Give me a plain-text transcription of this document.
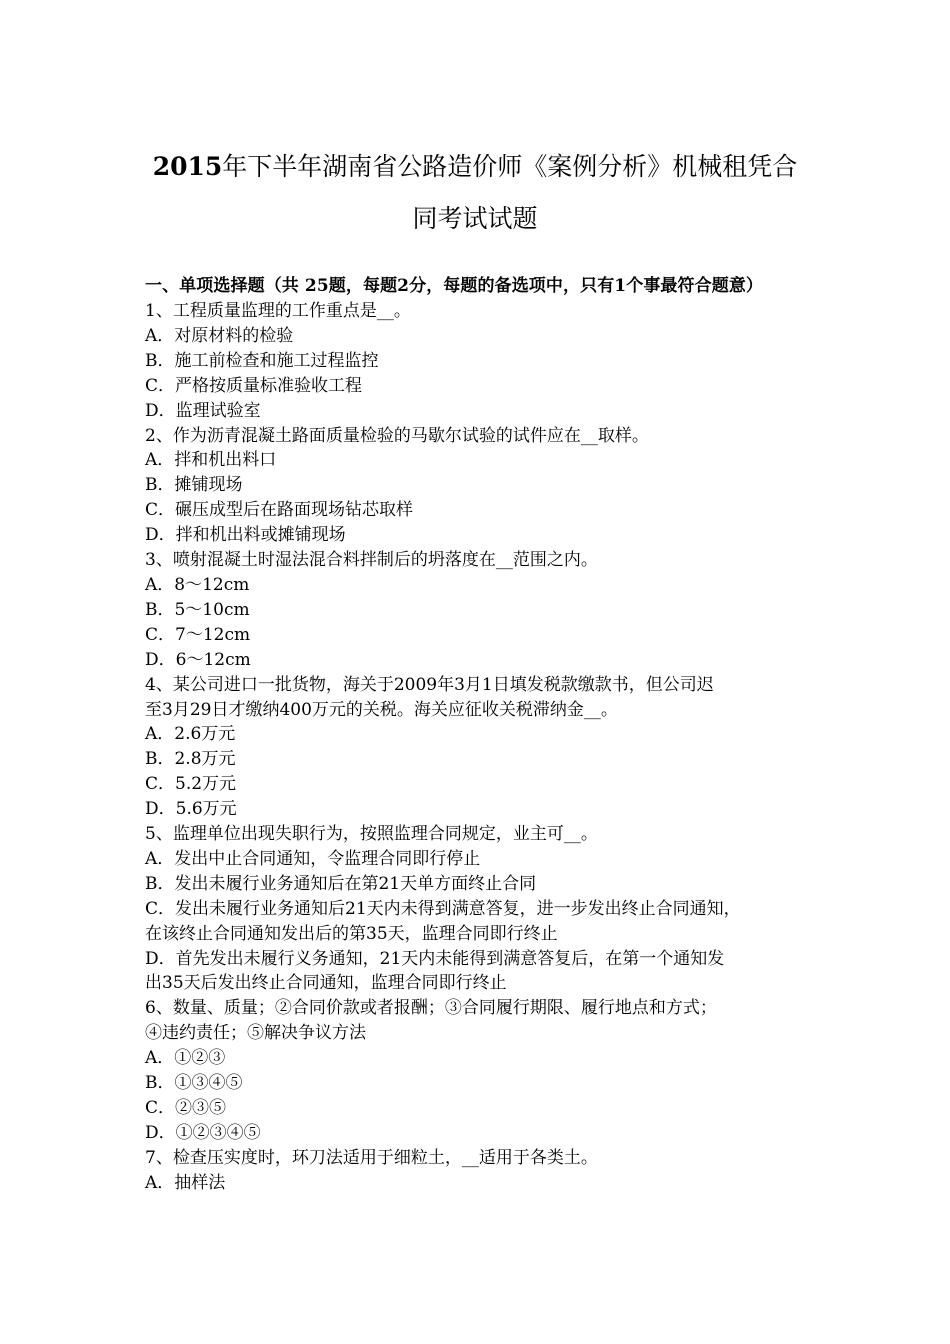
2015年下半年湖南省公路造价师《案例分析》机械租凭合
同考试试题
一、单项选择题（共 25题，每题2分，每题的备选项中，只有1个事最符合题意）
1、工程质量监理的工作重点是__。
A．对原材料的检验
B．施工前检查和施工过程监控
C．严格按质量标准验收工程
D．监理试验室
2、作为沥青混凝土路面质量检验的马歇尔试验的试件应在__取样。
A．拌和机出料口
B．摊铺现场
C．碾压成型后在路面现场钻芯取样
D．拌和机出料或摊铺现场
3、喷射混凝土时湿法混合料拌制后的坍落度在__范围之内。
A．8～12cm
B．5～10cm
C．7～12cm
D．6～12cm
4、某公司进口一批货物，海关于2009年3月1日填发税款缴款书，但公司迟
至3月29日才缴纳400万元的关税。海关应征收关税滞纳金__。
A．2.6万元
B．2.8万元
C．5.2万元
D．5.6万元
5、监理单位出现失职行为，按照监理合同规定，业主可__。
A．发出中止合同通知，令监理合同即行停止
B．发出未履行业务通知后在第21天单方面终止合同
C．发出未履行业务通知后21天内未得到满意答复，进一步发出终止合同通知，
在该终止合同通知发出后的第35天，监理合同即行终止
D．首先发出未履行义务通知，21天内未能得到满意答复后，在第一个通知发
出35天后发出终止合同通知，监理合同即行终止
6、数量、质量；②合同价款或者报酬；③合同履行期限、履行地点和方式；
④违约责任；⑤解决争议方法
A．①②③
B．①③④⑤
C．②③⑤
D．①②③④⑤
7、检查压实度时，环刀法适用于细粒土，__适用于各类土。
A．抽样法
